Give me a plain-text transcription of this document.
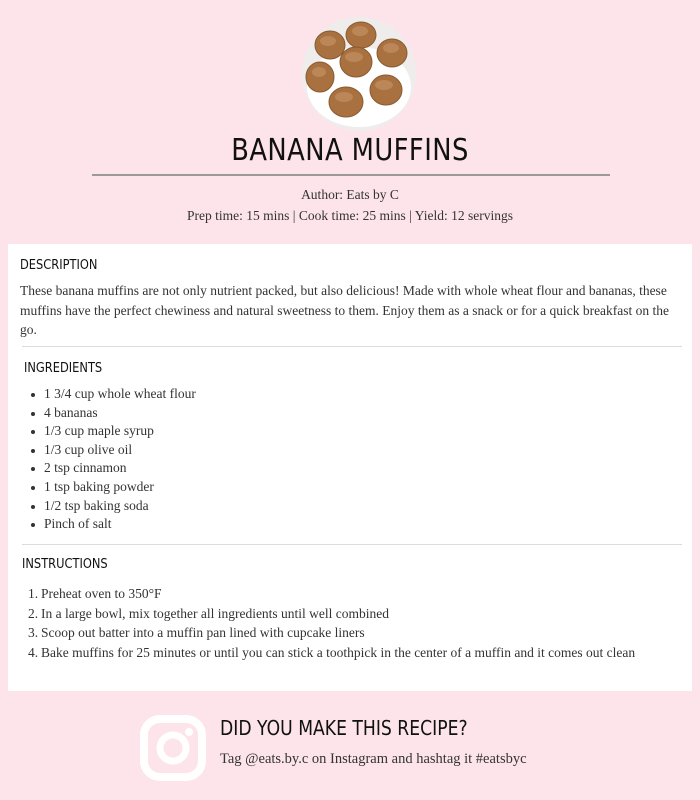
BANANA MUFFINS
Author: Eats by C
Prep time: 15 mins | Cook time: 25 mins | Yield: 12 servings
DESCRIPTION

These banana muffins are not only nutrient packed, but also delicious! Made with whole wheat flour and bananas, these muffins have the perfect chewiness and natural sweetness to them. Enjoy them as a snack or for a quick breakfast on the go.

INGREDIENTS
1 3/4 cup whole wheat flour
4 bananas
1/3 cup maple syrup
1/3 cup olive oil
2 tsp cinnamon
1 tsp baking powder
1/2 tsp baking soda
Pinch of salt
INSTRUCTIONS
1. Preheat oven to 350°F
2. In a large bowl, mix together all ingredients until well combined
3. Scoop out batter into a muffin pan lined with cupcake liners
4. Bake muffins for 25 minutes or until you can stick a toothpick in the center of a muffin and it comes out clean
DID YOU MAKE THIS RECIPE?
Tag @eats.by.c on Instagram and hashtag it #eatsbyc
